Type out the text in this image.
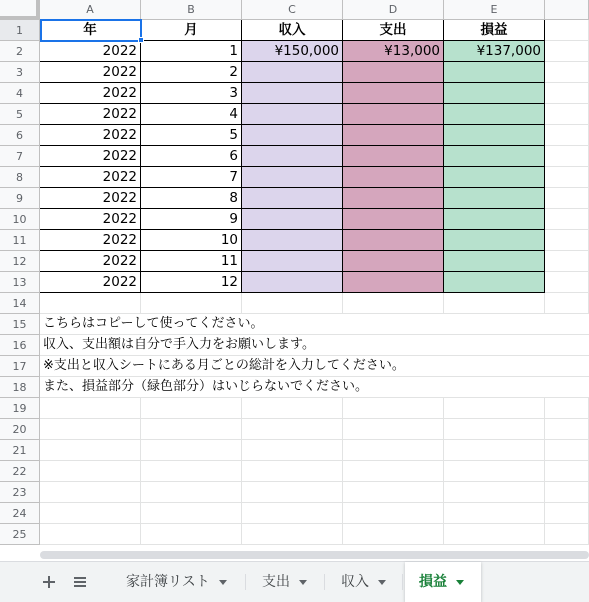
A	B	C	D	E
1
2
3
4
5
6
7
8
9
10
11
12
13
14
15
16
17
18
19
20
21
22
23
24
25
年	月	収入	支出	損益
2022	1	¥150,000	¥13,000	¥137,000
2022	2
2022	3
2022	4
2022	5
2022	6
2022	7
2022	8
2022	9
2022	10
2022	11
2022	12
こちらはコピーして使ってください。
収入、支出額は自分で手入力をお願いします。
※支出と収入シートにある月ごとの総計を入力してください。
また、損益部分（緑色部分）はいじらないでください。
家計簿リスト	支出	収入	損益
